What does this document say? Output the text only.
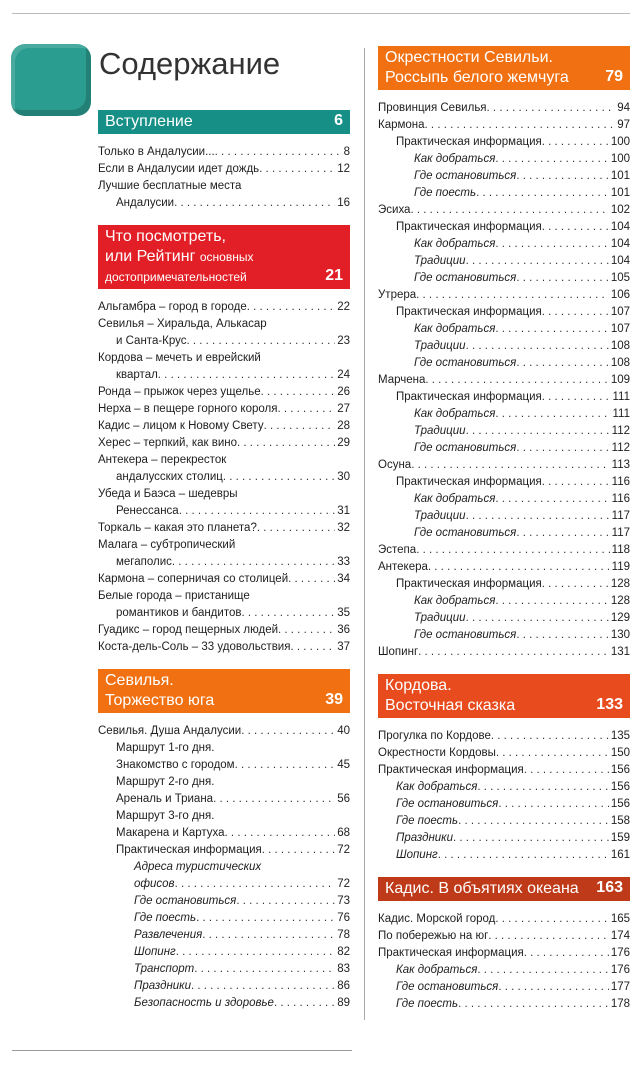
Содержание
Вступление	6
Только в Андалусии... . . .	8
Если в Андалусии идет дождь . . .	12
Лучшие бесплатные места
Андалусии . . .	16
Что посмотреть,
или Рейтинг основных
достопримечательностей	21
Альгамбра – город в городе . . .	22
Севилья – Хиральда, Алькасар
и Санта-Крус . . .	23
Кордова – мечеть и еврейский
квартал . . .	24
Ронда – прыжок через ущелье . . .	26
Нерха – в пещере горного короля . . .	27
Кадис – лицом к Новому Свету . . .	28
Херес – терпкий, как вино . . .	29
Антекера – перекресток
андалусских столиц . . .	30
Убеда и Баэса – шедевры
Ренессанса . . .	31
Торкаль – какая это планета? . . .	32
Малага – субтропический
мегаполис . . .	33
Кармона – соперничая со столицей . . .	34
Белые города – пристанище
романтиков и бандитов . . .	35
Гуадикс – город пещерных людей . . .	36
Коста-дель-Соль – 33 удовольствия . . .	37
Севилья.
Торжество юга	39
Севилья. Душа Андалусии . . .	40
Маршрут 1-го дня.
Знакомство с городом . . .	45
Маршрут 2-го дня.
Ареналь и Триана . . .	56
Маршрут 3-го дня.
Макарена и Картуха . . .	68
Практическая информация . . .	72
Адреса туристических
офисов . . .	72
Где остановиться . . .	73
Где поесть . . .	76
Развлечения . . .	78
Шопинг . . .	82
Транспорт . . .	83
Праздники . . .	86
Безопасность и здоровье . . .	89
Окрестности Севильи.
Россыпь белого жемчуга	79
Провинция Севилья . . .	94
Кармона . . .	97
Практическая информация . . .	100
Как добраться . . .	100
Где остановиться . . .	101
Где поесть . . .	101
Эсиха . . .	102
Практическая информация . . .	104
Как добраться . . .	104
Традиции . . .	104
Где остановиться . . .	105
Утрера . . .	106
Практическая информация . . .	107
Как добраться . . .	107
Традиции . . .	108
Где остановиться . . .	108
Марчена . . .	109
Практическая информация . . .	111
Как добраться . . .	111
Традиции . . .	112
Где остановиться . . .	112
Осуна . . .	113
Практическая информация . . .	116
Как добраться . . .	116
Традиции . . .	117
Где остановиться . . .	117
Эстепа . . .	118
Антекера . . .	119
Практическая информация . . .	128
Как добраться . . .	128
Традиции . . .	129
Где остановиться . . .	130
Шопинг . . .	131
Кордова.
Восточная сказка	133
Прогулка по Кордове . . .	135
Окрестности Кордовы . . .	150
Практическая информация . . .	156
Как добраться . . .	156
Где остановиться . . .	156
Где поесть . . .	158
Праздники . . .	159
Шопинг . . .	161
Кадис. В объятиях океана	163
Кадис. Морской город . . .	165
По побережью на юг . . .	174
Практическая информация . . .	176
Как добраться . . .	176
Где остановиться . . .	177
Где поесть . . .	178
